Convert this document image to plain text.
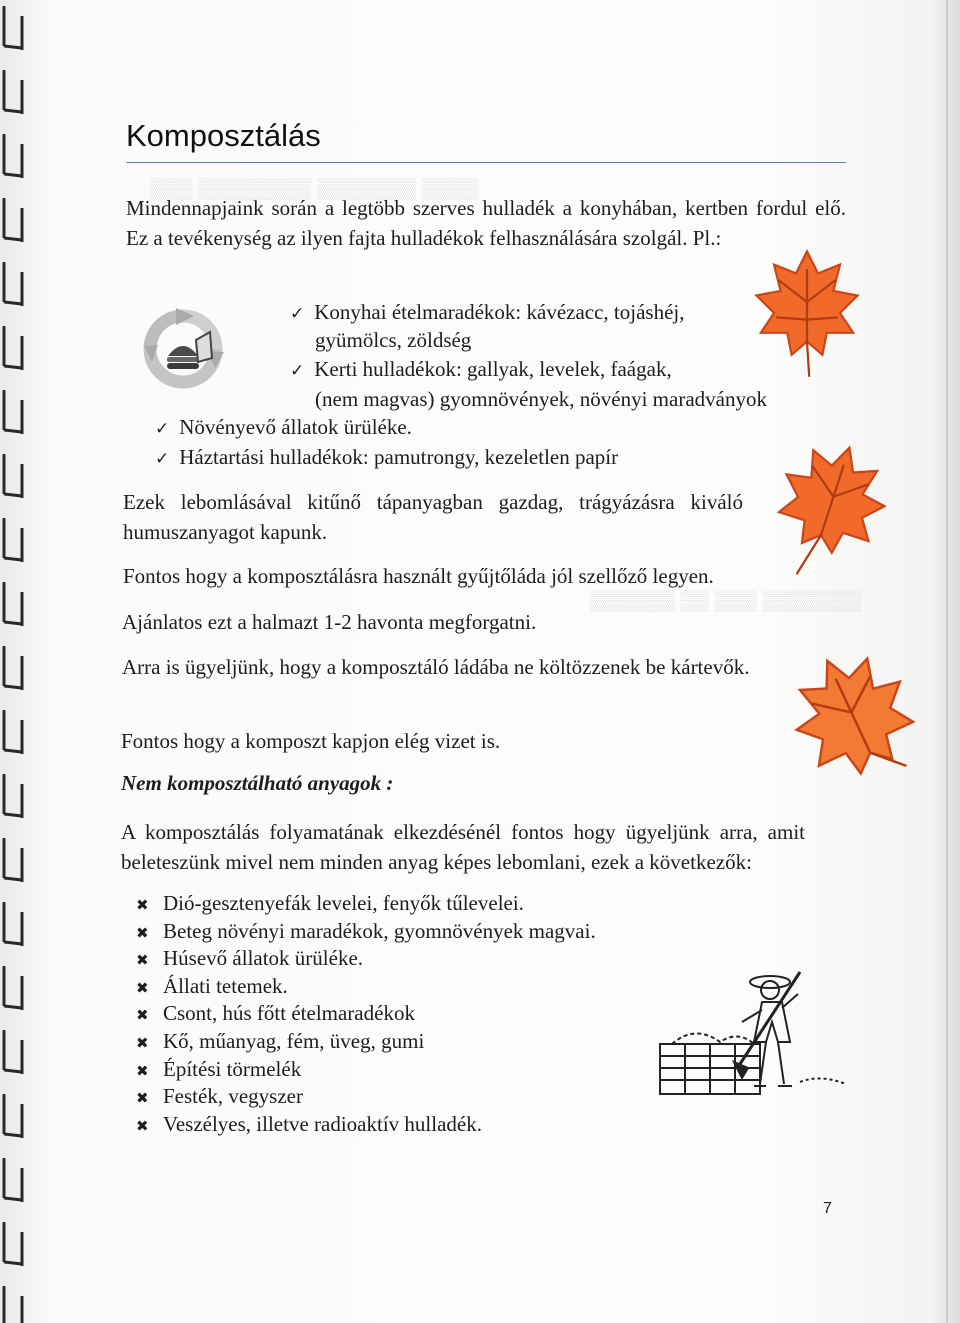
▒▒▒ ▒▒▒▒▒▒▒▒ ▒▒▒▒▒▒▒ ▒▒▒▒
▒▒▒▒▒▒ ▒▒ ▒▒▒ ▒▒▒▒▒▒▒
Komposztálás

Mindennapjaink során a legtöbb szerves hulladék a konyhában, kertben fordul elő. Ez a tevékenység az ilyen fajta hulladékok felhasználására szolgál. Pl.:

✓ Konyhai ételmaradékok: kávézacc, tojáshéj,

gyümölcs, zöldség

✓ Kerti hulladékok: gallyak, levelek, faágak,

(nem magvas) gyomnövények, növényi maradványok

✓ Növényevő állatok ürüléke.

✓ Háztartási hulladékok: pamutrongy, kezeletlen papír

Ezek lebomlásával kitűnő tápanyagban gazdag, trágyázásra kiváló humuszanyagot kapunk.

Fontos hogy a komposztálásra használt gyűjtőláda jól szellőző legyen.

Ajánlatos ezt a halmazt 1-2 havonta megforgatni.

Arra is ügyeljünk, hogy a komposztáló ládába ne költözzenek be kártevők.

Fontos hogy a komposzt kapjon elég vizet is.

Nem komposztálható anyagok :

A komposztálás folyamatának elkezdésénél fontos hogy ügyeljünk arra, amit beleteszünk mivel nem minden anyag képes lebomlani, ezek a következők:

✖ Dió-gesztenyefák levelei, fenyők tűlevelei.
✖ Beteg növényi maradékok, gyomnövények magvai.
✖ Húsevő állatok ürüléke.
✖ Állati tetemek.
✖ Csont, hús főtt ételmaradékok
✖ Kő, műanyag, fém, üveg, gumi
✖ Építési törmelék
✖ Festék, vegyszer
✖ Veszélyes, illetve radioaktív hulladék.
7
